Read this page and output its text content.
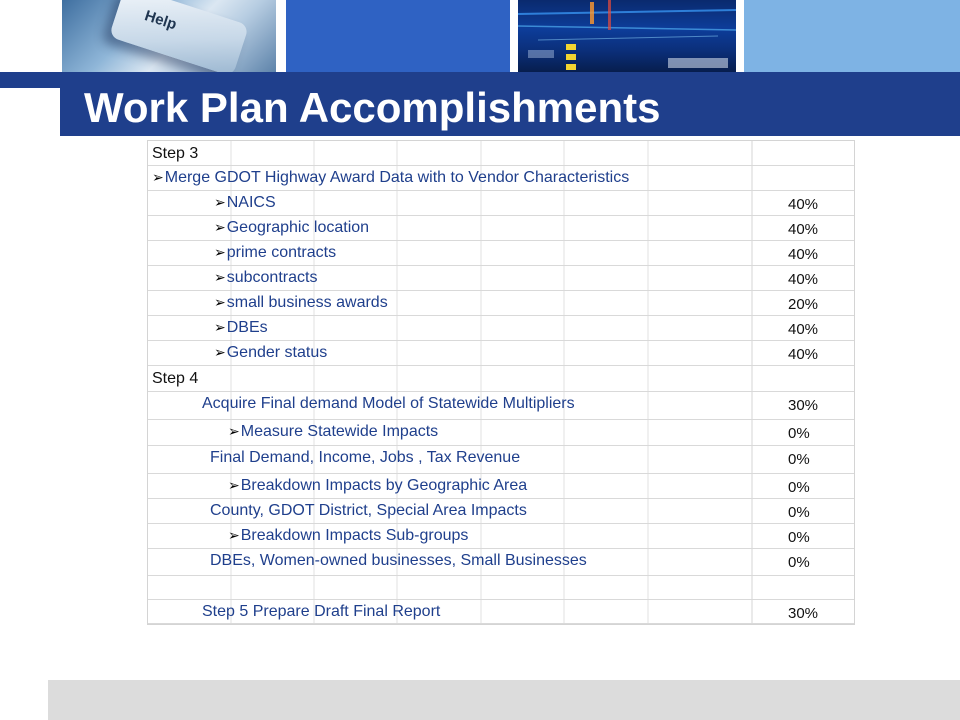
Help
Work Plan Accomplishments
Step 3
➢Merge GDOT Highway Award Data with to Vendor Characteristics
➢NAICS	40%
➢Geographic location	40%
➢prime contracts	40%
➢subcontracts	40%
➢small business awards	20%
➢DBEs	40%
➢Gender status	40%
Step 4
Acquire Final demand Model of Statewide Multipliers	30%
➢Measure Statewide Impacts	0%
Final Demand, Income, Jobs , Tax Revenue	0%
➢Breakdown Impacts by Geographic Area	0%
County, GDOT District, Special Area Impacts	0%
➢Breakdown Impacts Sub-groups	0%
DBEs, Women-owned businesses, Small Businesses	0%
Step 5 Prepare Draft Final Report	30%
